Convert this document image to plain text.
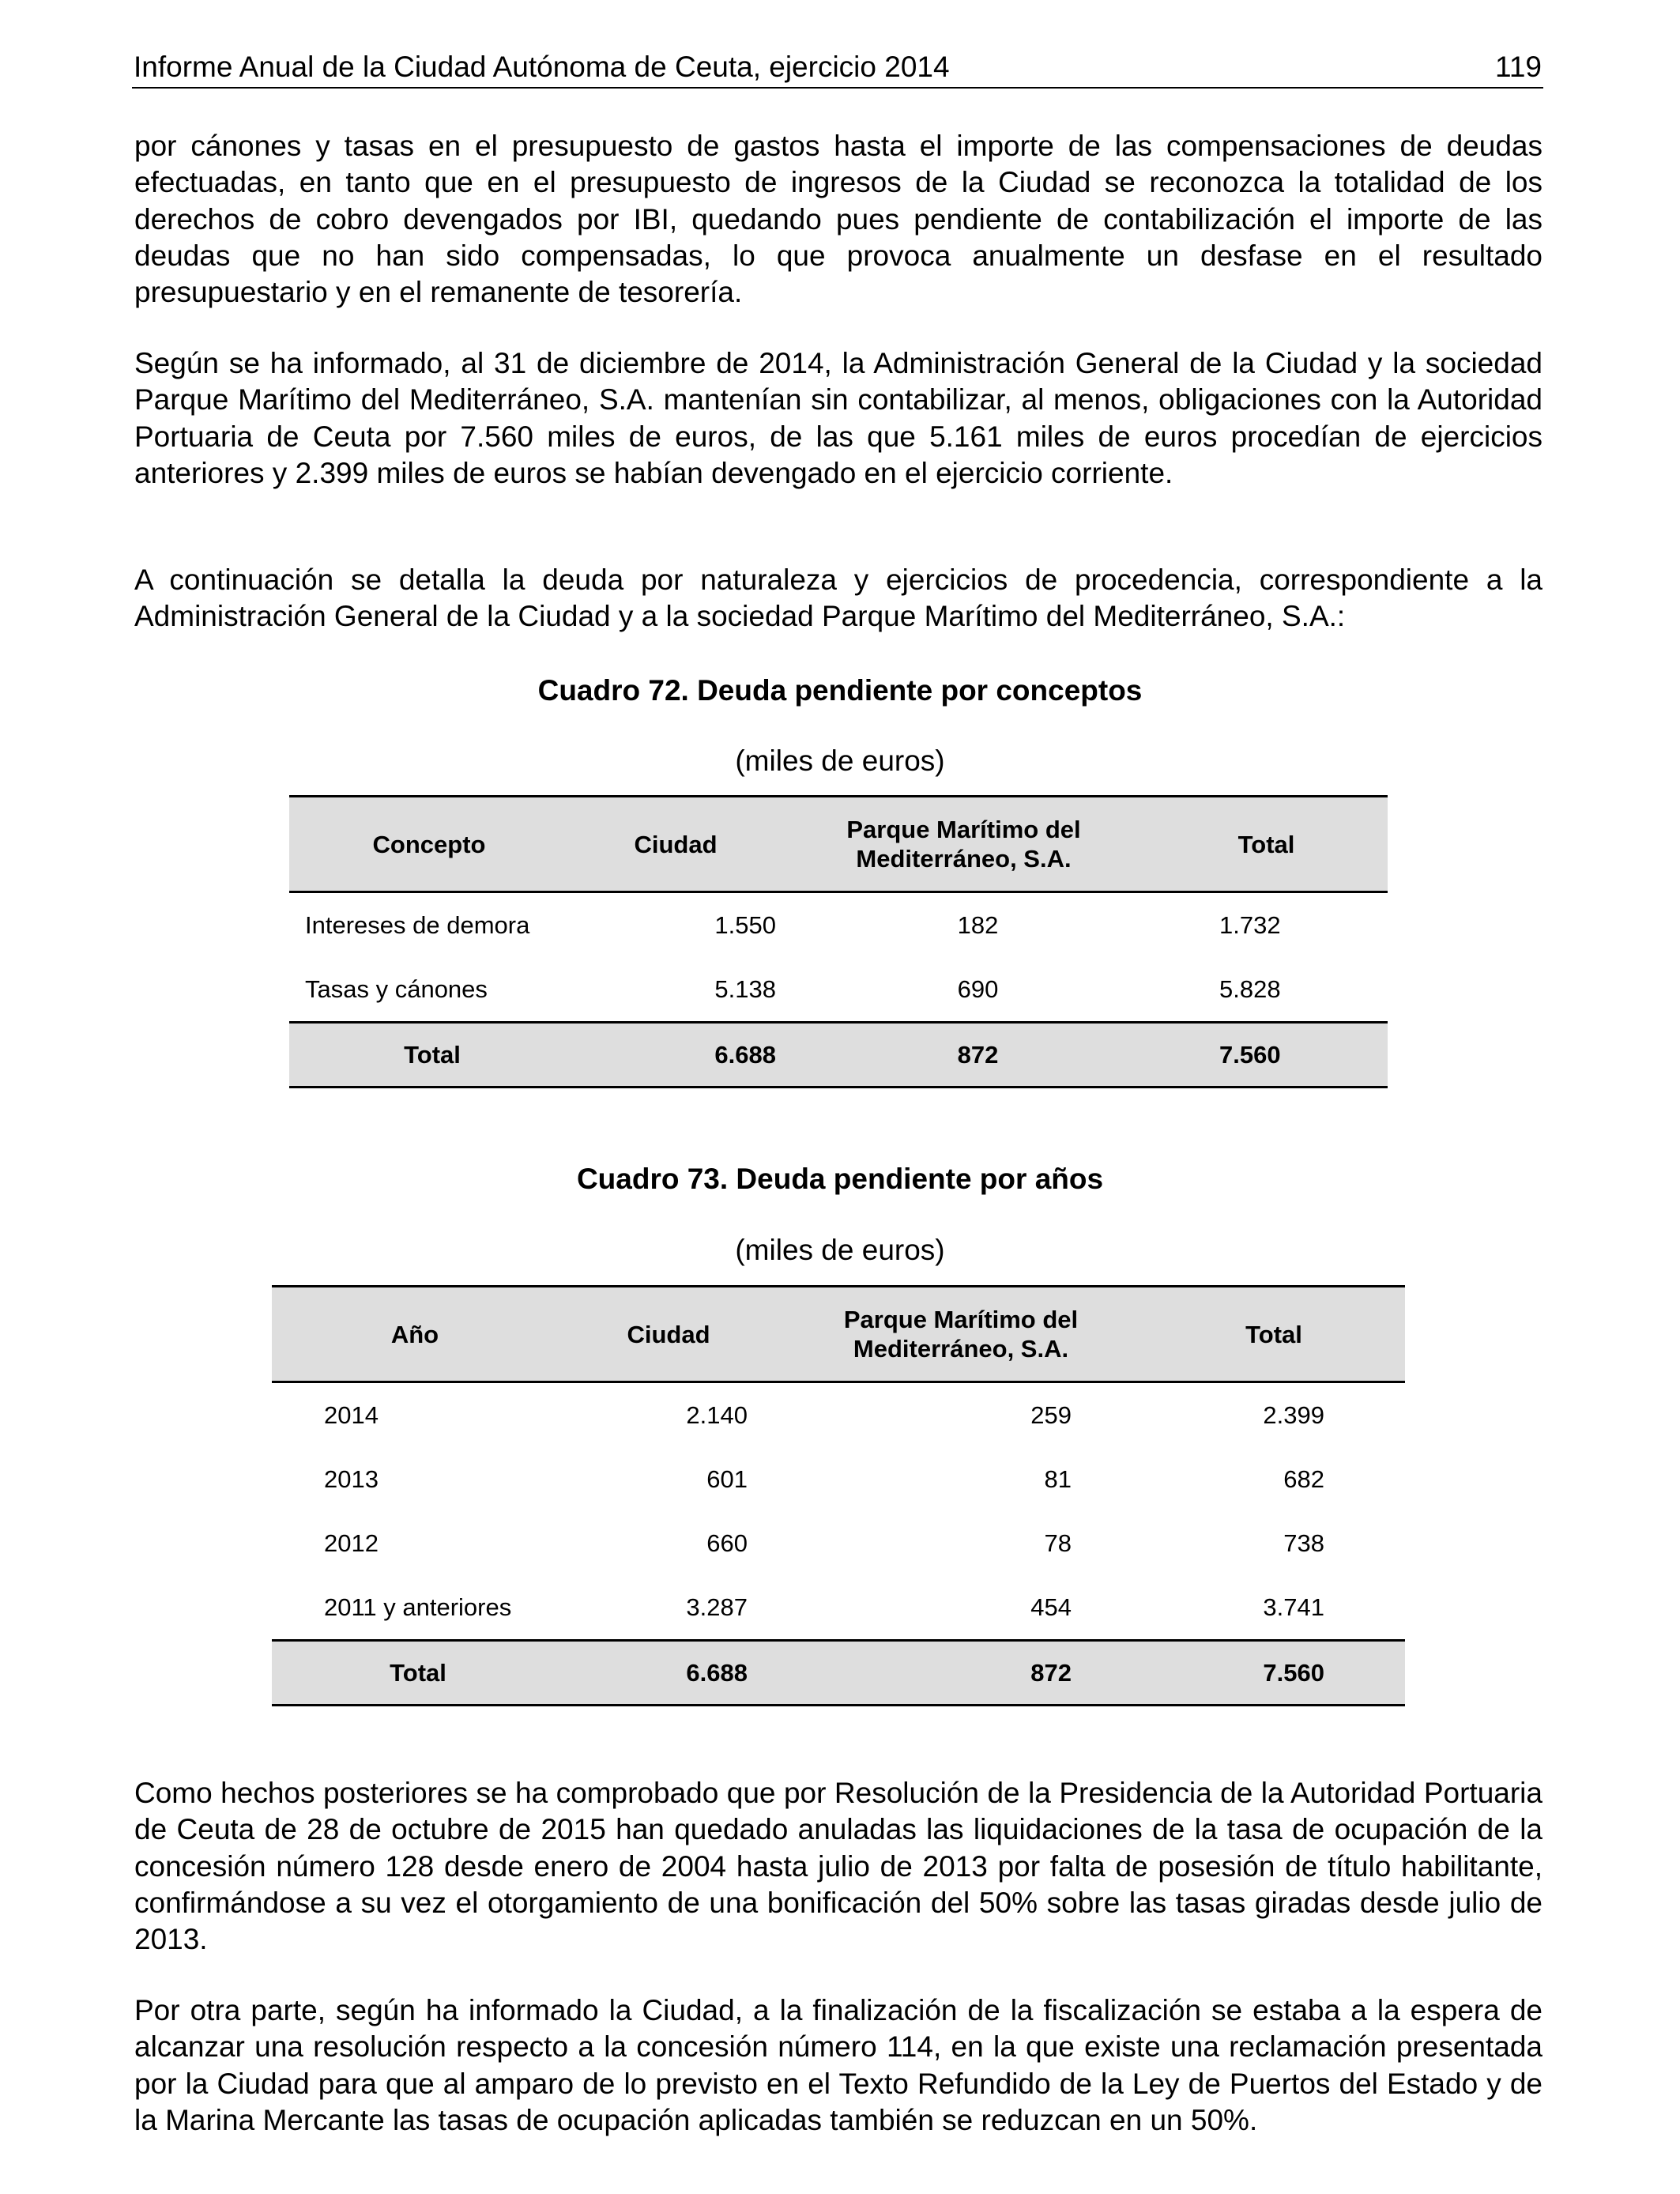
Informe Anual de la Ciudad Autónoma de Ceuta, ejercicio 2014	119

por cánones y tasas en el presupuesto de gastos hasta el importe de las compensaciones de deudas efectuadas, en tanto que en el presupuesto de ingresos de la Ciudad se reconozca la totalidad de los derechos de cobro devengados por IBI, quedando pues pendiente de contabilización el importe de las deudas que no han sido compensadas, lo que provoca anualmente un desfase en el resultado presupuestario y en el remanente de tesorería.

Según se ha informado, al 31 de diciembre de 2014, la Administración General de la Ciudad y la sociedad Parque Marítimo del Mediterráneo, S.A. mantenían sin contabilizar, al menos, obligaciones con la Autoridad Portuaria de Ceuta por 7.560 miles de euros, de las que 5.161 miles de euros procedían de ejercicios anteriores y 2.399 miles de euros se habían devengado en el ejercicio corriente.

A continuación se detalla la deuda por naturaleza y ejercicios de procedencia, correspondiente a la Administración General de la Ciudad y a la sociedad Parque Marítimo del Mediterráneo, S.A.:

Cuadro 72. Deuda pendiente por conceptos
(miles de euros)
Concepto	Ciudad	Parque Marítimo del Mediterráneo, S.A.	Total
Intereses de demora	1.550	182	1.732
Tasas y cánones	5.138	690	5.828
Total	6.688	872	7.560
Cuadro 73. Deuda pendiente por años
(miles de euros)
Año	Ciudad	Parque Marítimo del Mediterráneo, S.A.	Total
2014	2.140	259	2.399
2013	601	81	682
2012	660	78	738
2011 y anteriores	3.287	454	3.741
Total	6.688	872	7.560

Como hechos posteriores se ha comprobado que por Resolución de la Presidencia de la Autoridad Portuaria de Ceuta de 28 de octubre de 2015 han quedado anuladas las liquidaciones de la tasa de ocupación de la concesión número 128 desde enero de 2004 hasta julio de 2013 por falta de posesión de título habilitante, confirmándose a su vez el otorgamiento de una bonificación del 50% sobre las tasas giradas desde julio de 2013.

Por otra parte, según ha informado la Ciudad, a la finalización de la fiscalización se estaba a la espera de alcanzar una resolución respecto a la concesión número 114, en la que existe una reclamación presentada por la Ciudad para que al amparo de lo previsto en el Texto Refundido de la Ley de Puertos del Estado y de la Marina Mercante las tasas de ocupación aplicadas también se reduzcan en un 50%.
